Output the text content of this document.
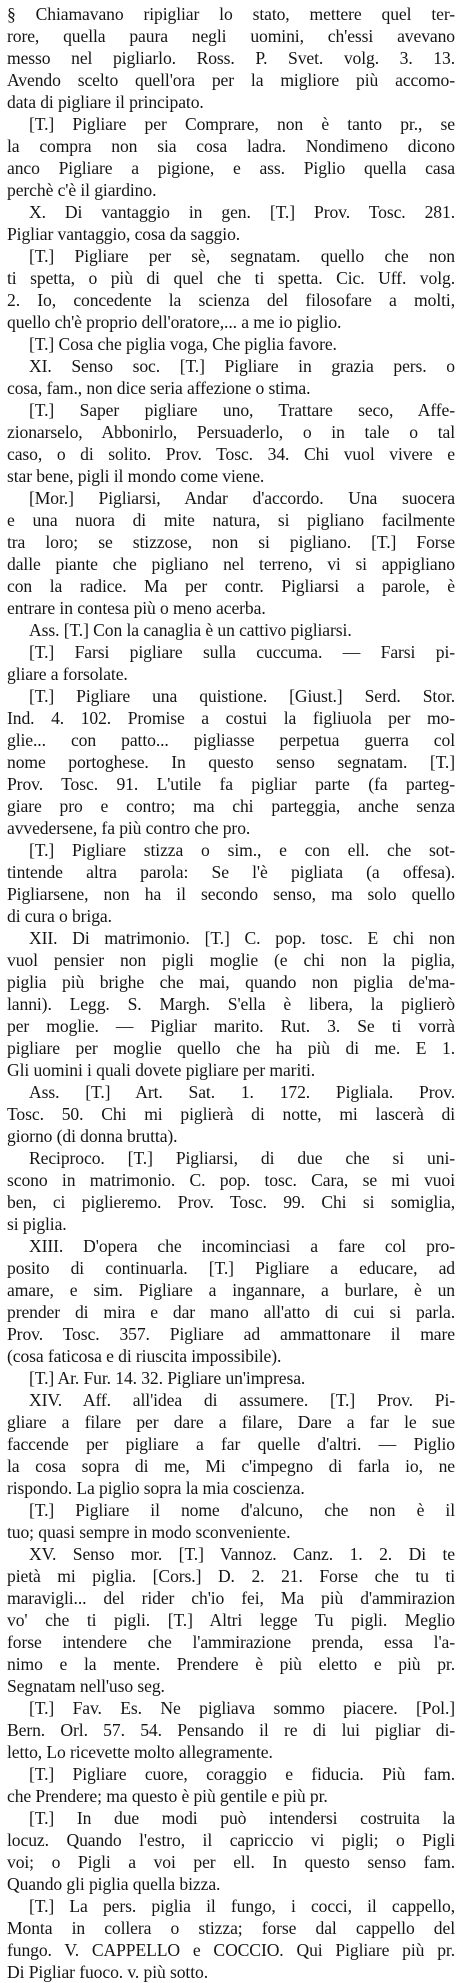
§ Chiamavano ripigliar lo stato, mettere quel ter-
rore, quella paura negli uomini, ch'essi avevano
messo nel pigliarlo. Ross. P. Svet. volg. 3. 13.
Avendo scelto quell'ora per la migliore più accomo-
data di pigliare il principato.
[T.] Pigliare per Comprare, non è tanto pr., se
la compra non sia cosa ladra. Nondimeno dicono
anco Pigliare a pigione, e ass. Piglio quella casa
perchè c'è il giardino.
X. Di vantaggio in gen. [T.] Prov. Tosc. 281.
Pigliar vantaggio, cosa da saggio.
[T.] Pigliare per sè, segnatam. quello che non
ti spetta, o più di quel che ti spetta. Cic. Uff. volg.
2. Io, concedente la scienza del filosofare a molti,
quello ch'è proprio dell'oratore,... a me io piglio.
[T.] Cosa che piglia voga, Che piglia favore.
XI. Senso soc. [T.] Pigliare in grazia pers. o
cosa, fam., non dice seria affezione o stima.
[T.] Saper pigliare uno, Trattare seco, Affe-
zionarselo, Abbonirlo, Persuaderlo, o in tale o tal
caso, o di solito. Prov. Tosc. 34. Chi vuol vivere e
star bene, pigli il mondo come viene.
[Mor.] Pigliarsi, Andar d'accordo. Una suocera
e una nuora di mite natura, si pigliano facilmente
tra loro; se stizzose, non si pigliano. [T.] Forse
dalle piante che pigliano nel terreno, vi si appigliano
con la radice. Ma per contr. Pigliarsi a parole, è
entrare in contesa più o meno acerba.
Ass. [T.] Con la canaglia è un cattivo pigliarsi.
[T.] Farsi pigliare sulla cuccuma. — Farsi pi-
gliare a forsolate.
[T.] Pigliare una quistione. [Giust.] Serd. Stor.
Ind. 4. 102. Promise a costui la figliuola per mo-
glie... con patto... pigliasse perpetua guerra col
nome portoghese. In questo senso segnatam. [T.]
Prov. Tosc. 91. L'utile fa pigliar parte (fa parteg-
giare pro e contro; ma chi parteggia, anche senza
avvedersene, fa più contro che pro.
[T.] Pigliare stizza o sim., e con ell. che sot-
tintende altra parola: Se l'è pigliata (a offesa).
Pigliarsene, non ha il secondo senso, ma solo quello
di cura o briga.
XII. Di matrimonio. [T.] C. pop. tosc. E chi non
vuol pensier non pigli moglie (e chi non la piglia,
piglia più brighe che mai, quando non piglia de'ma-
lanni). Legg. S. Margh. S'ella è libera, la piglierò
per moglie. — Pigliar marito. Rut. 3. Se ti vorrà
pigliare per moglie quello che ha più di me. E 1.
Gli uomini i quali dovete pigliare per mariti.
Ass. [T.] Art. Sat. 1. 172. Pigliala. Prov.
Tosc. 50. Chi mi piglierà di notte, mi lascerà di
giorno (di donna brutta).
Reciproco. [T.] Pigliarsi, di due che si uni-
scono in matrimonio. C. pop. tosc. Cara, se mi vuoi
ben, ci piglieremo. Prov. Tosc. 99. Chi si somiglia,
si piglia.
XIII. D'opera che incominciasi a fare col pro-
posito di continuarla. [T.] Pigliare a educare, ad
amare, e sim. Pigliare a ingannare, a burlare, è un
prender di mira e dar mano all'atto di cui si parla.
Prov. Tosc. 357. Pigliare ad ammattonare il mare
(cosa faticosa e di riuscita impossibile).
[T.] Ar. Fur. 14. 32. Pigliare un'impresa.
XIV. Aff. all'idea di assumere. [T.] Prov. Pi-
gliare a filare per dare a filare, Dare a far le sue
faccende per pigliare a far quelle d'altri. — Piglio
la cosa sopra di me, Mi c'impegno di farla io, ne
rispondo. La piglio sopra la mia coscienza.
[T.] Pigliare il nome d'alcuno, che non è il
tuo; quasi sempre in modo sconveniente.
XV. Senso mor. [T.] Vannoz. Canz. 1. 2. Di te
pietà mi piglia. [Cors.] D. 2. 21. Forse che tu ti
maravigli... del rider ch'io fei, Ma più d'ammirazion
vo' che ti pigli. [T.] Altri legge Tu pigli. Meglio
forse intendere che l'ammirazione prenda, essa l'a-
nimo e la mente. Prendere è più eletto e più pr.
Segnatam nell'uso seg.
[T.] Fav. Es. Ne pigliava sommo piacere. [Pol.]
Bern. Orl. 57. 54. Pensando il re di lui pigliar di-
letto, Lo ricevette molto allegramente.
[T.] Pigliare cuore, coraggio e fiducia. Più fam.
che Prendere; ma questo è più gentile e più pr.
[T.] In due modi può intendersi costruita la
locuz. Quando l'estro, il capriccio vi pigli; o Pigli
voi; o Pigli a voi per ell. In questo senso fam.
Quando gli piglia quella bizza.
[T.] La pers. piglia il fungo, i cocci, il cappello,
Monta in collera o stizza; forse dal cappello del
fungo. V. CAPPELLO e COCCIO. Qui Pigliare più pr.
Di Pigliar fuoco. v. più sotto.
